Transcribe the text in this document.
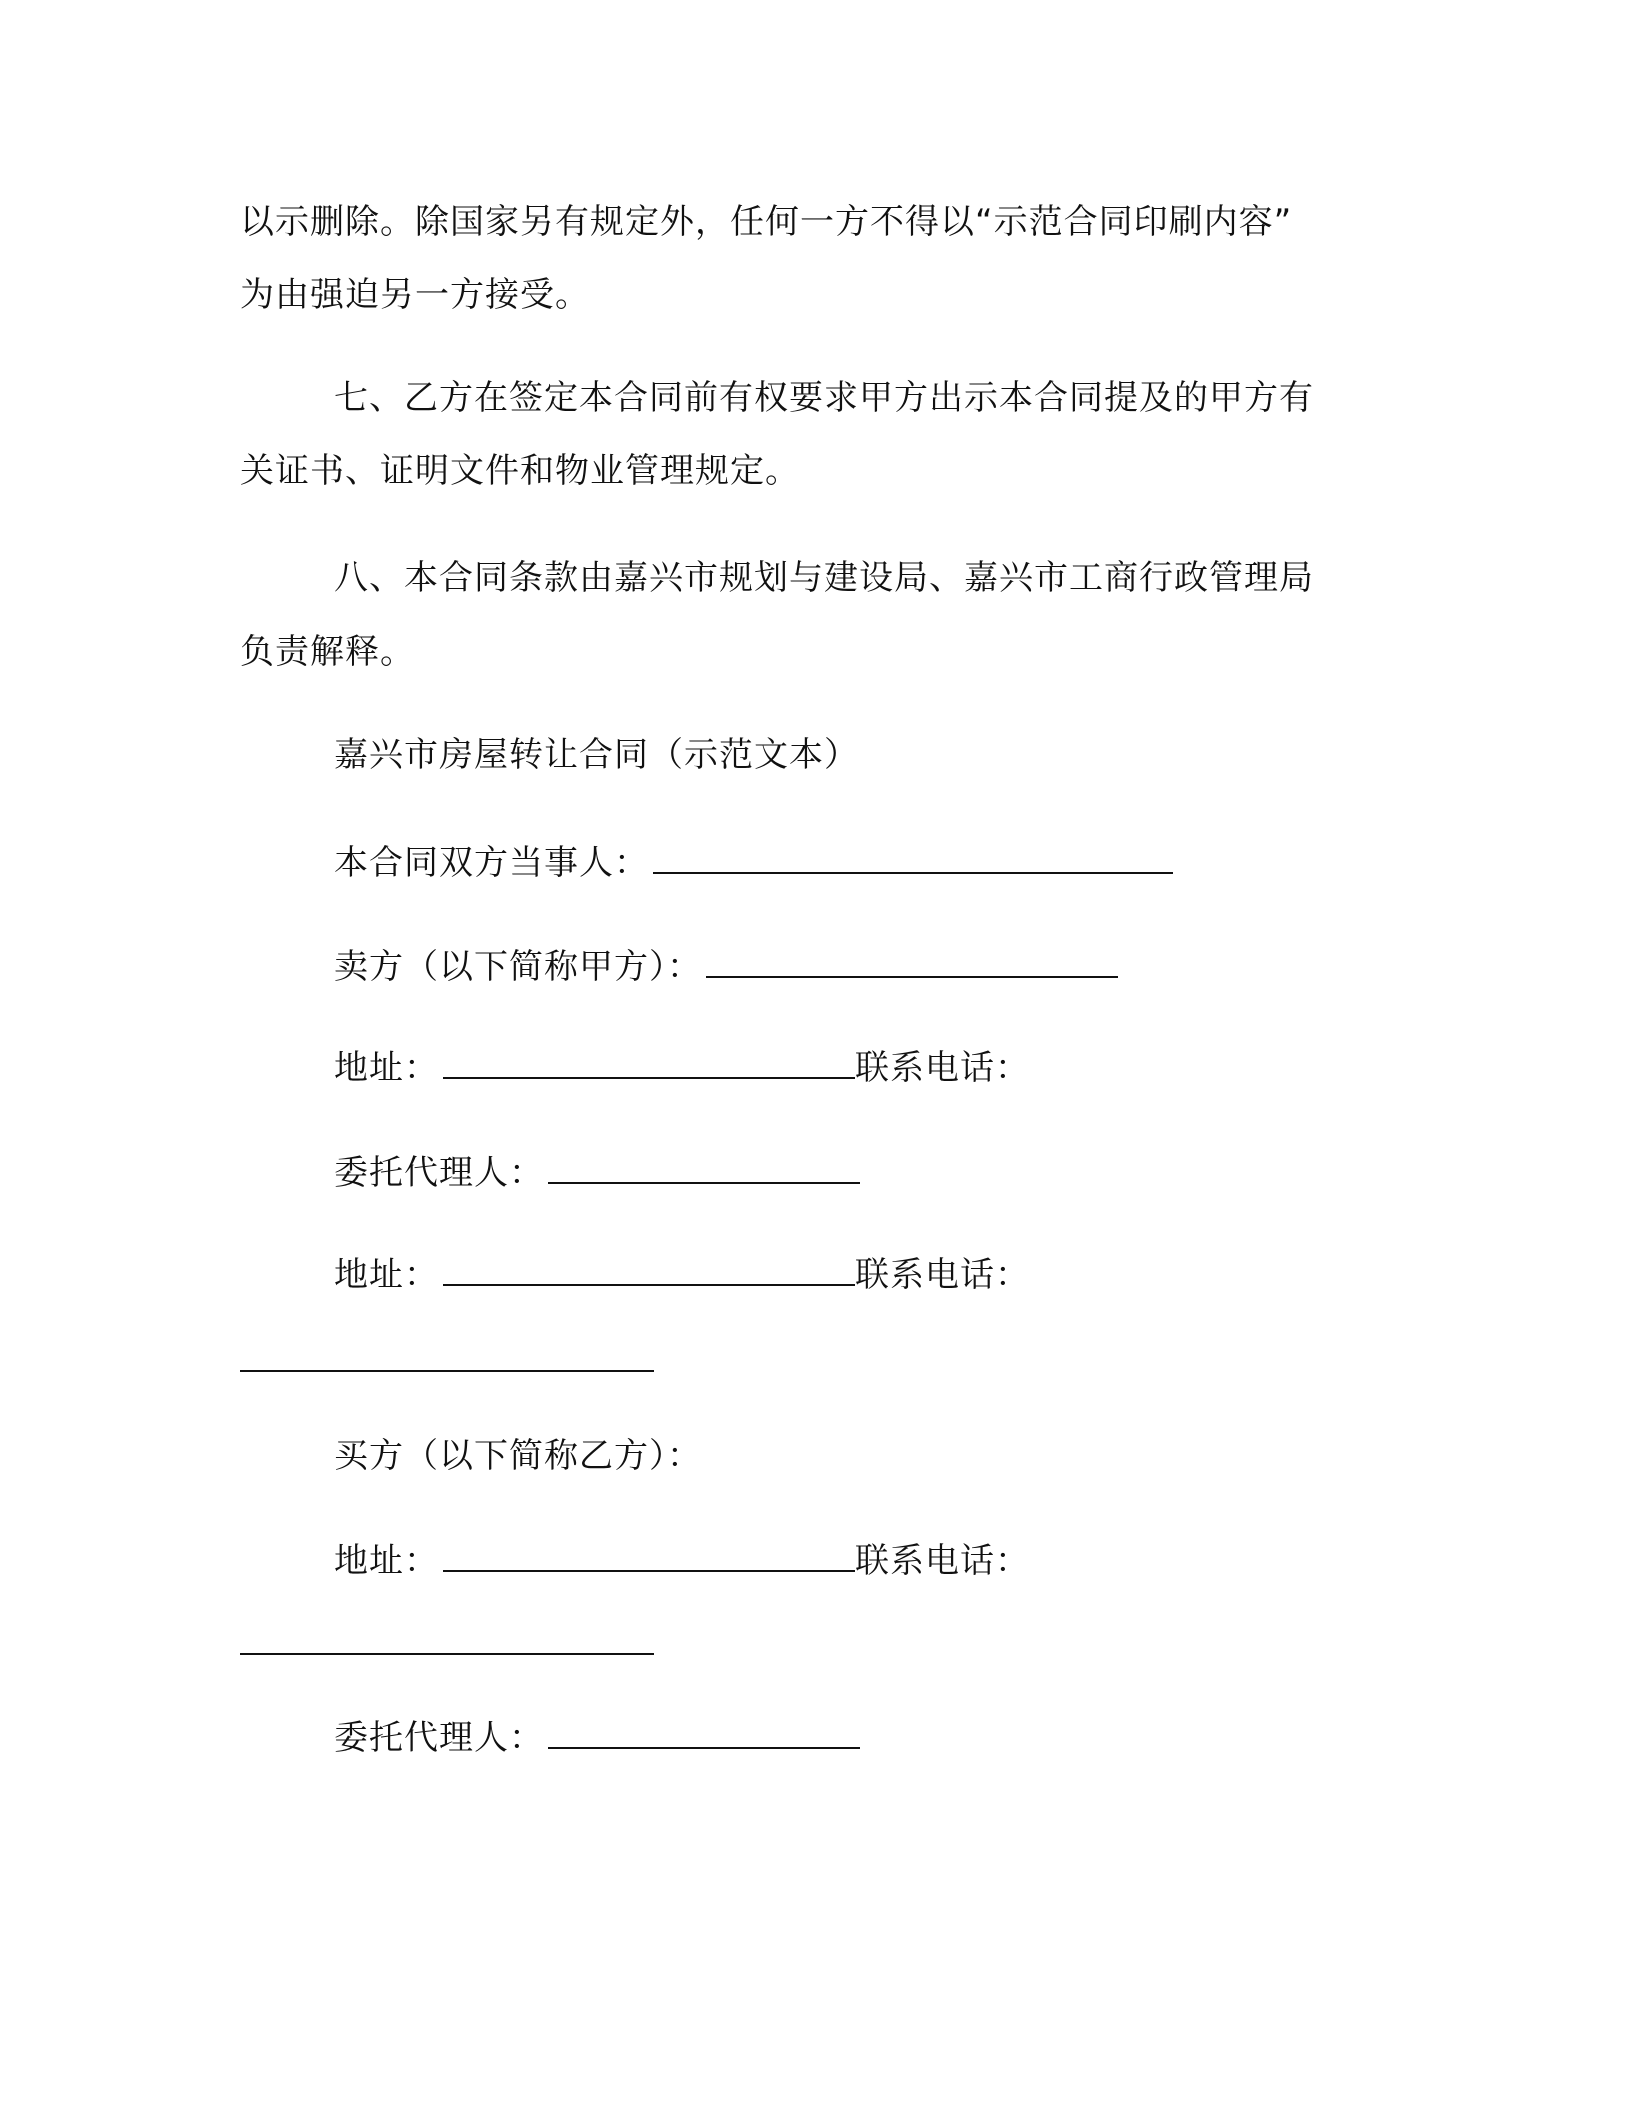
以示删除。除国家另有规定外，任何一方不得以“示范合同印刷内容”
为由强迫另一方接受。
七、乙方在签定本合同前有权要求甲方出示本合同提及的甲方有
关证书、证明文件和物业管理规定。
八、本合同条款由嘉兴市规划与建设局、嘉兴市工商行政管理局
负责解释。
嘉兴市房屋转让合同（示范文本）
本合同双方当事人：
卖方（以下简称甲方）：
地址：	联系电话：
委托代理人：
地址：	联系电话：
买方（以下简称乙方）：
地址：	联系电话：
委托代理人：
